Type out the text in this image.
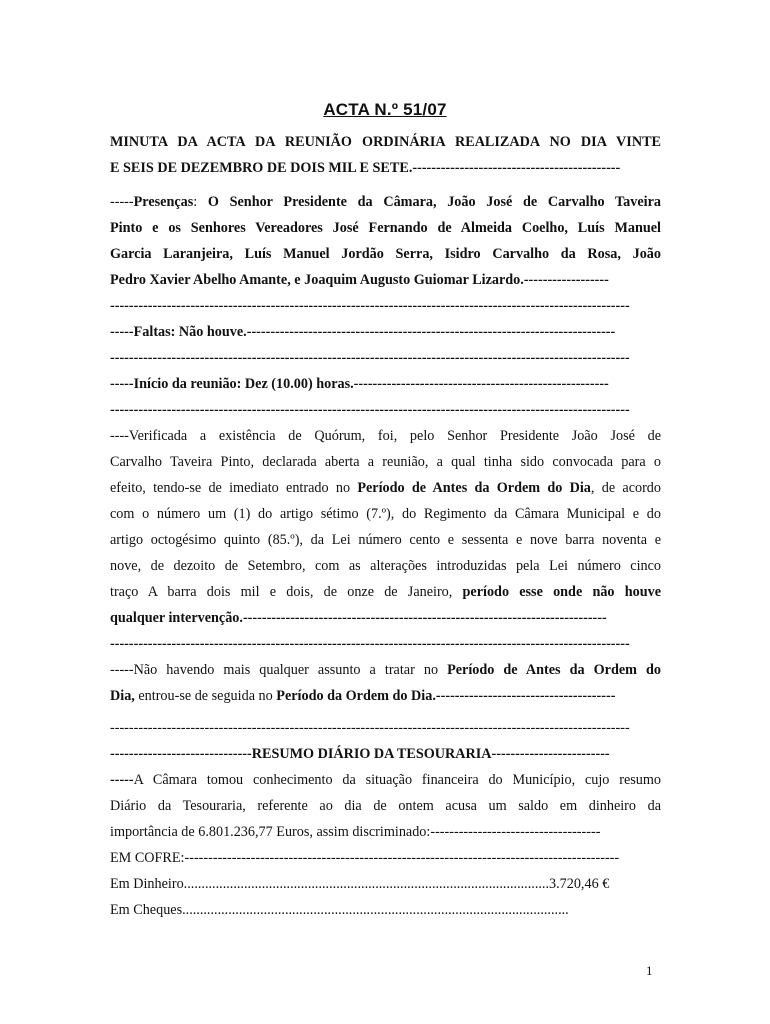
ACTA N.º 51/07
MINUTA DA ACTA DA REUNIÃO ORDINÁRIA REALIZADA NO DIA VINTE
E SEIS DE DEZEMBRO DE DOIS MIL E SETE.--------------------------------------------
-----Presenças: O Senhor Presidente da Câmara, João José de Carvalho Taveira
Pinto e os Senhores Vereadores José Fernando de Almeida Coelho, Luís Manuel
Garcia Laranjeira, Luís Manuel Jordão Serra, Isidro Carvalho da Rosa, João
Pedro Xavier Abelho Amante, e Joaquim Augusto Guiomar Lizardo.------------------
--------------------------------------------------------------------------------------------------------------
-----Faltas: Não houve.------------------------------------------------------------------------------
--------------------------------------------------------------------------------------------------------------
-----Início da reunião: Dez (10.00) horas.------------------------------------------------------
--------------------------------------------------------------------------------------------------------------
----Verificada a existência de Quórum, foi, pelo Senhor Presidente João José de
Carvalho Taveira Pinto, declarada aberta a reunião, a qual tinha sido convocada para o
efeito, tendo-se de imediato entrado no Período de Antes da Ordem do Dia, de acordo
com o número um (1) do artigo sétimo (7.º), do Regimento da Câmara Municipal e do
artigo octogésimo quinto (85.º), da Lei número cento e sessenta e nove barra noventa e
nove, de dezoito de Setembro, com as alterações introduzidas pela Lei número cinco
traço A barra dois mil e dois, de onze de Janeiro, período esse onde não houve
qualquer intervenção.-----------------------------------------------------------------------------
--------------------------------------------------------------------------------------------------------------
-----Não havendo mais qualquer assunto a tratar no Período de Antes da Ordem do
Dia, entrou-se de seguida no Período da Ordem do Dia.--------------------------------------
--------------------------------------------------------------------------------------------------------------
------------------------------RESUMO DIÁRIO DA TESOURARIA-------------------------
-----A Câmara tomou conhecimento da situação financeira do Município, cujo resumo
Diário da Tesouraria, referente ao dia de ontem acusa um saldo em dinheiro da
importância de 6.801.236,77 Euros, assim discriminado:------------------------------------
EM COFRE:--------------------------------------------------------------------------------------------
Em Dinheiro.......................................................................................................3.720,46 €
Em Cheques.............................................................................................................
1
